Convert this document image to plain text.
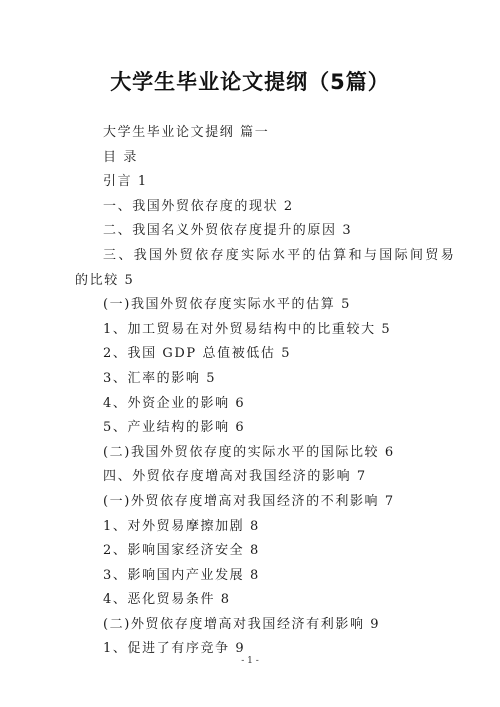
大学生毕业论文提纲（5篇）
大学生毕业论文提纲 篇一
目 录
引言 1
一、我国外贸依存度的现状 2
二、我国名义外贸依存度提升的原因 3
三、我国外贸依存度实际水平的估算和与国际间贸易
的比较 5
(一)我国外贸依存度实际水平的估算 5
1、加工贸易在对外贸易结构中的比重较大 5
2、我国 GDP 总值被低估 5
3、汇率的影响 5
4、外资企业的影响 6
5、产业结构的影响 6
(二)我国外贸依存度的实际水平的国际比较 6
四、外贸依存度增高对我国经济的影响 7
(一)外贸依存度增高对我国经济的不利影响 7
1、对外贸易摩擦加剧 8
2、影响国家经济安全 8
3、影响国内产业发展 8
4、恶化贸易条件 8
(二)外贸依存度增高对我国经济有利影响 9
1、促进了有序竞争 9
- 1 -
